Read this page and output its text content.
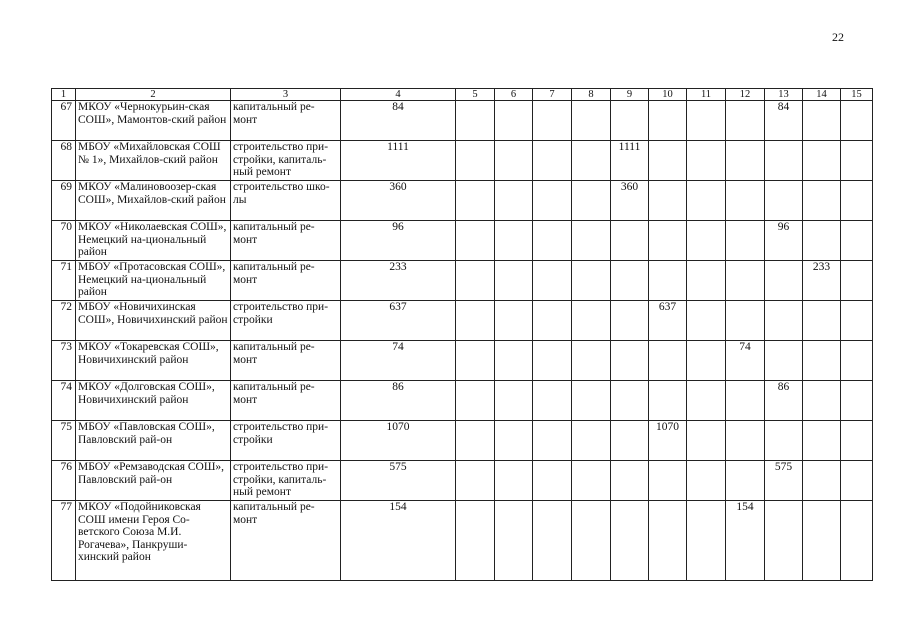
22
1	2	3	4	5	6	7	8	9	10	11	12	13	14	15
67	МКОУ «Чернокурьин-ская СОШ», Мамонтов-ский район	капитальный ре-монт	84									84		
68	МБОУ «Михайловская СОШ № 1», Михайлов-ский район	строительство при-стройки, капиталь-ный ремонт	1111					1111						
69	МКОУ «Малиновоозер-ская СОШ», Михайлов-ский район	строительство шко-лы	360					360						
70	МКОУ «Николаевская СОШ», Немецкий на-циональный район	капитальный ре-монт	96									96		
71	МБОУ «Протасовская СОШ», Немецкий на-циональный район	капитальный ре-монт	233										233	
72	МБОУ «Новичихинская СОШ», Новичихинский район	строительство при-стройки	637						637					
73	МКОУ «Токаревская СОШ», Новичихинский район	капитальный ре-монт	74								74			
74	МКОУ «Долговская СОШ», Новичихинский район	капитальный ре-монт	86									86		
75	МБОУ «Павловская СОШ», Павловский рай-он	строительство при-стройки	1070						1070					
76	МБОУ «Ремзаводская СОШ», Павловский рай-он	строительство при-стройки, капиталь-ный ремонт	575									575		
77	МКОУ «Подойниковская СОШ имени Героя Со-ветского Союза М.И. Рогачева», Панкруши-хинский район	капитальный ре-монт	154								154			
